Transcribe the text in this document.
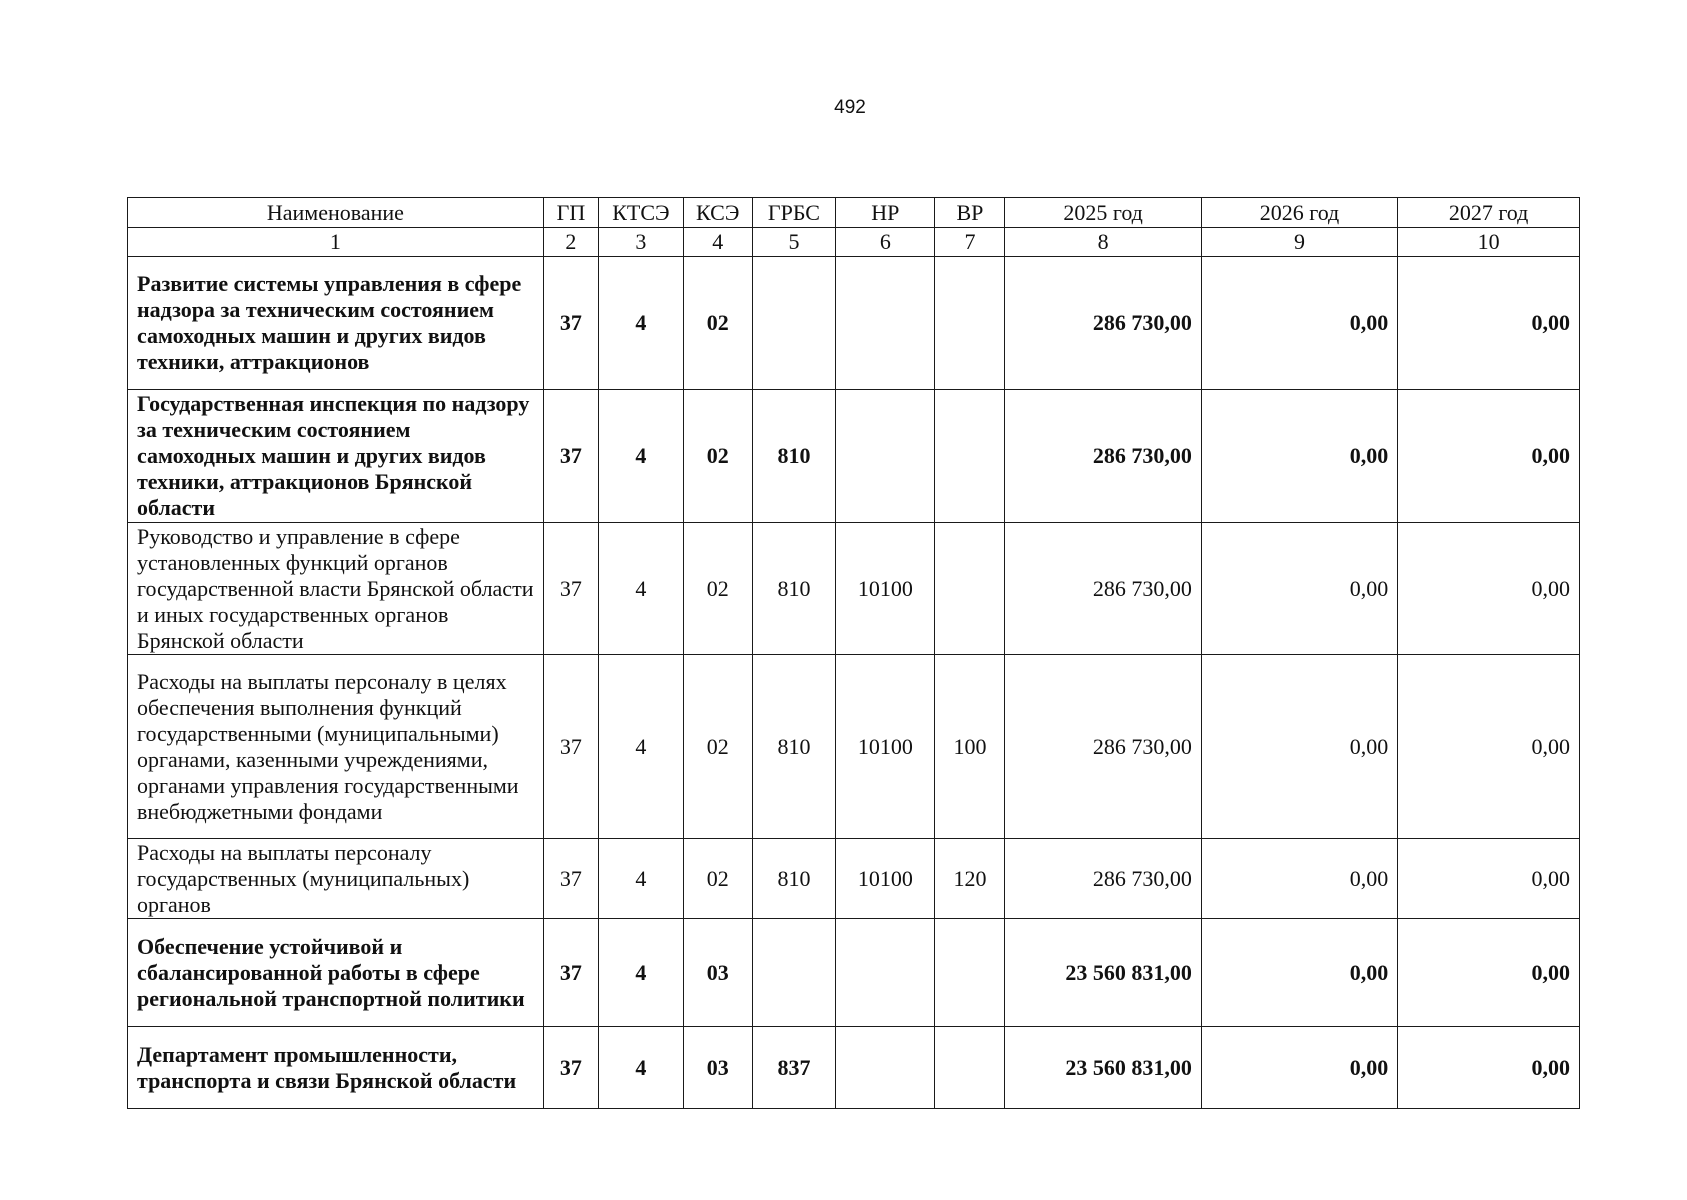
492
Наименование	ГП	КТСЭ	КСЭ	ГРБС	НР	ВР	2025 год	2026 год	2027 год
1	2	3	4	5	6	7	8	9	10
Развитие системы управления в сфере надзора за техническим состоянием самоходных машин и других видов техники, аттракционов	37	4	02				286 730,00	0,00	0,00
Государственная инспекция по надзору за техническим состоянием самоходных машин и других видов техники, аттракционов Брянской области	37	4	02	810			286 730,00	0,00	0,00
Руководство и управление в сфере установленных функций органов государственной власти Брянской области и иных государственных органов Брянской области	37	4	02	810	10100		286 730,00	0,00	0,00
Расходы на выплаты персоналу в целях обеспечения выполнения функций государственными (муниципальными) органами, казенными учреждениями, органами управления государственными внебюджетными фондами	37	4	02	810	10100	100	286 730,00	0,00	0,00
Расходы на выплаты персоналу государственных (муниципальных) органов	37	4	02	810	10100	120	286 730,00	0,00	0,00
Обеспечение устойчивой и сбалансированной работы в сфере региональной транспортной политики	37	4	03				23 560 831,00	0,00	0,00
Департамент промышленности, транспорта и связи Брянской области	37	4	03	837			23 560 831,00	0,00	0,00
